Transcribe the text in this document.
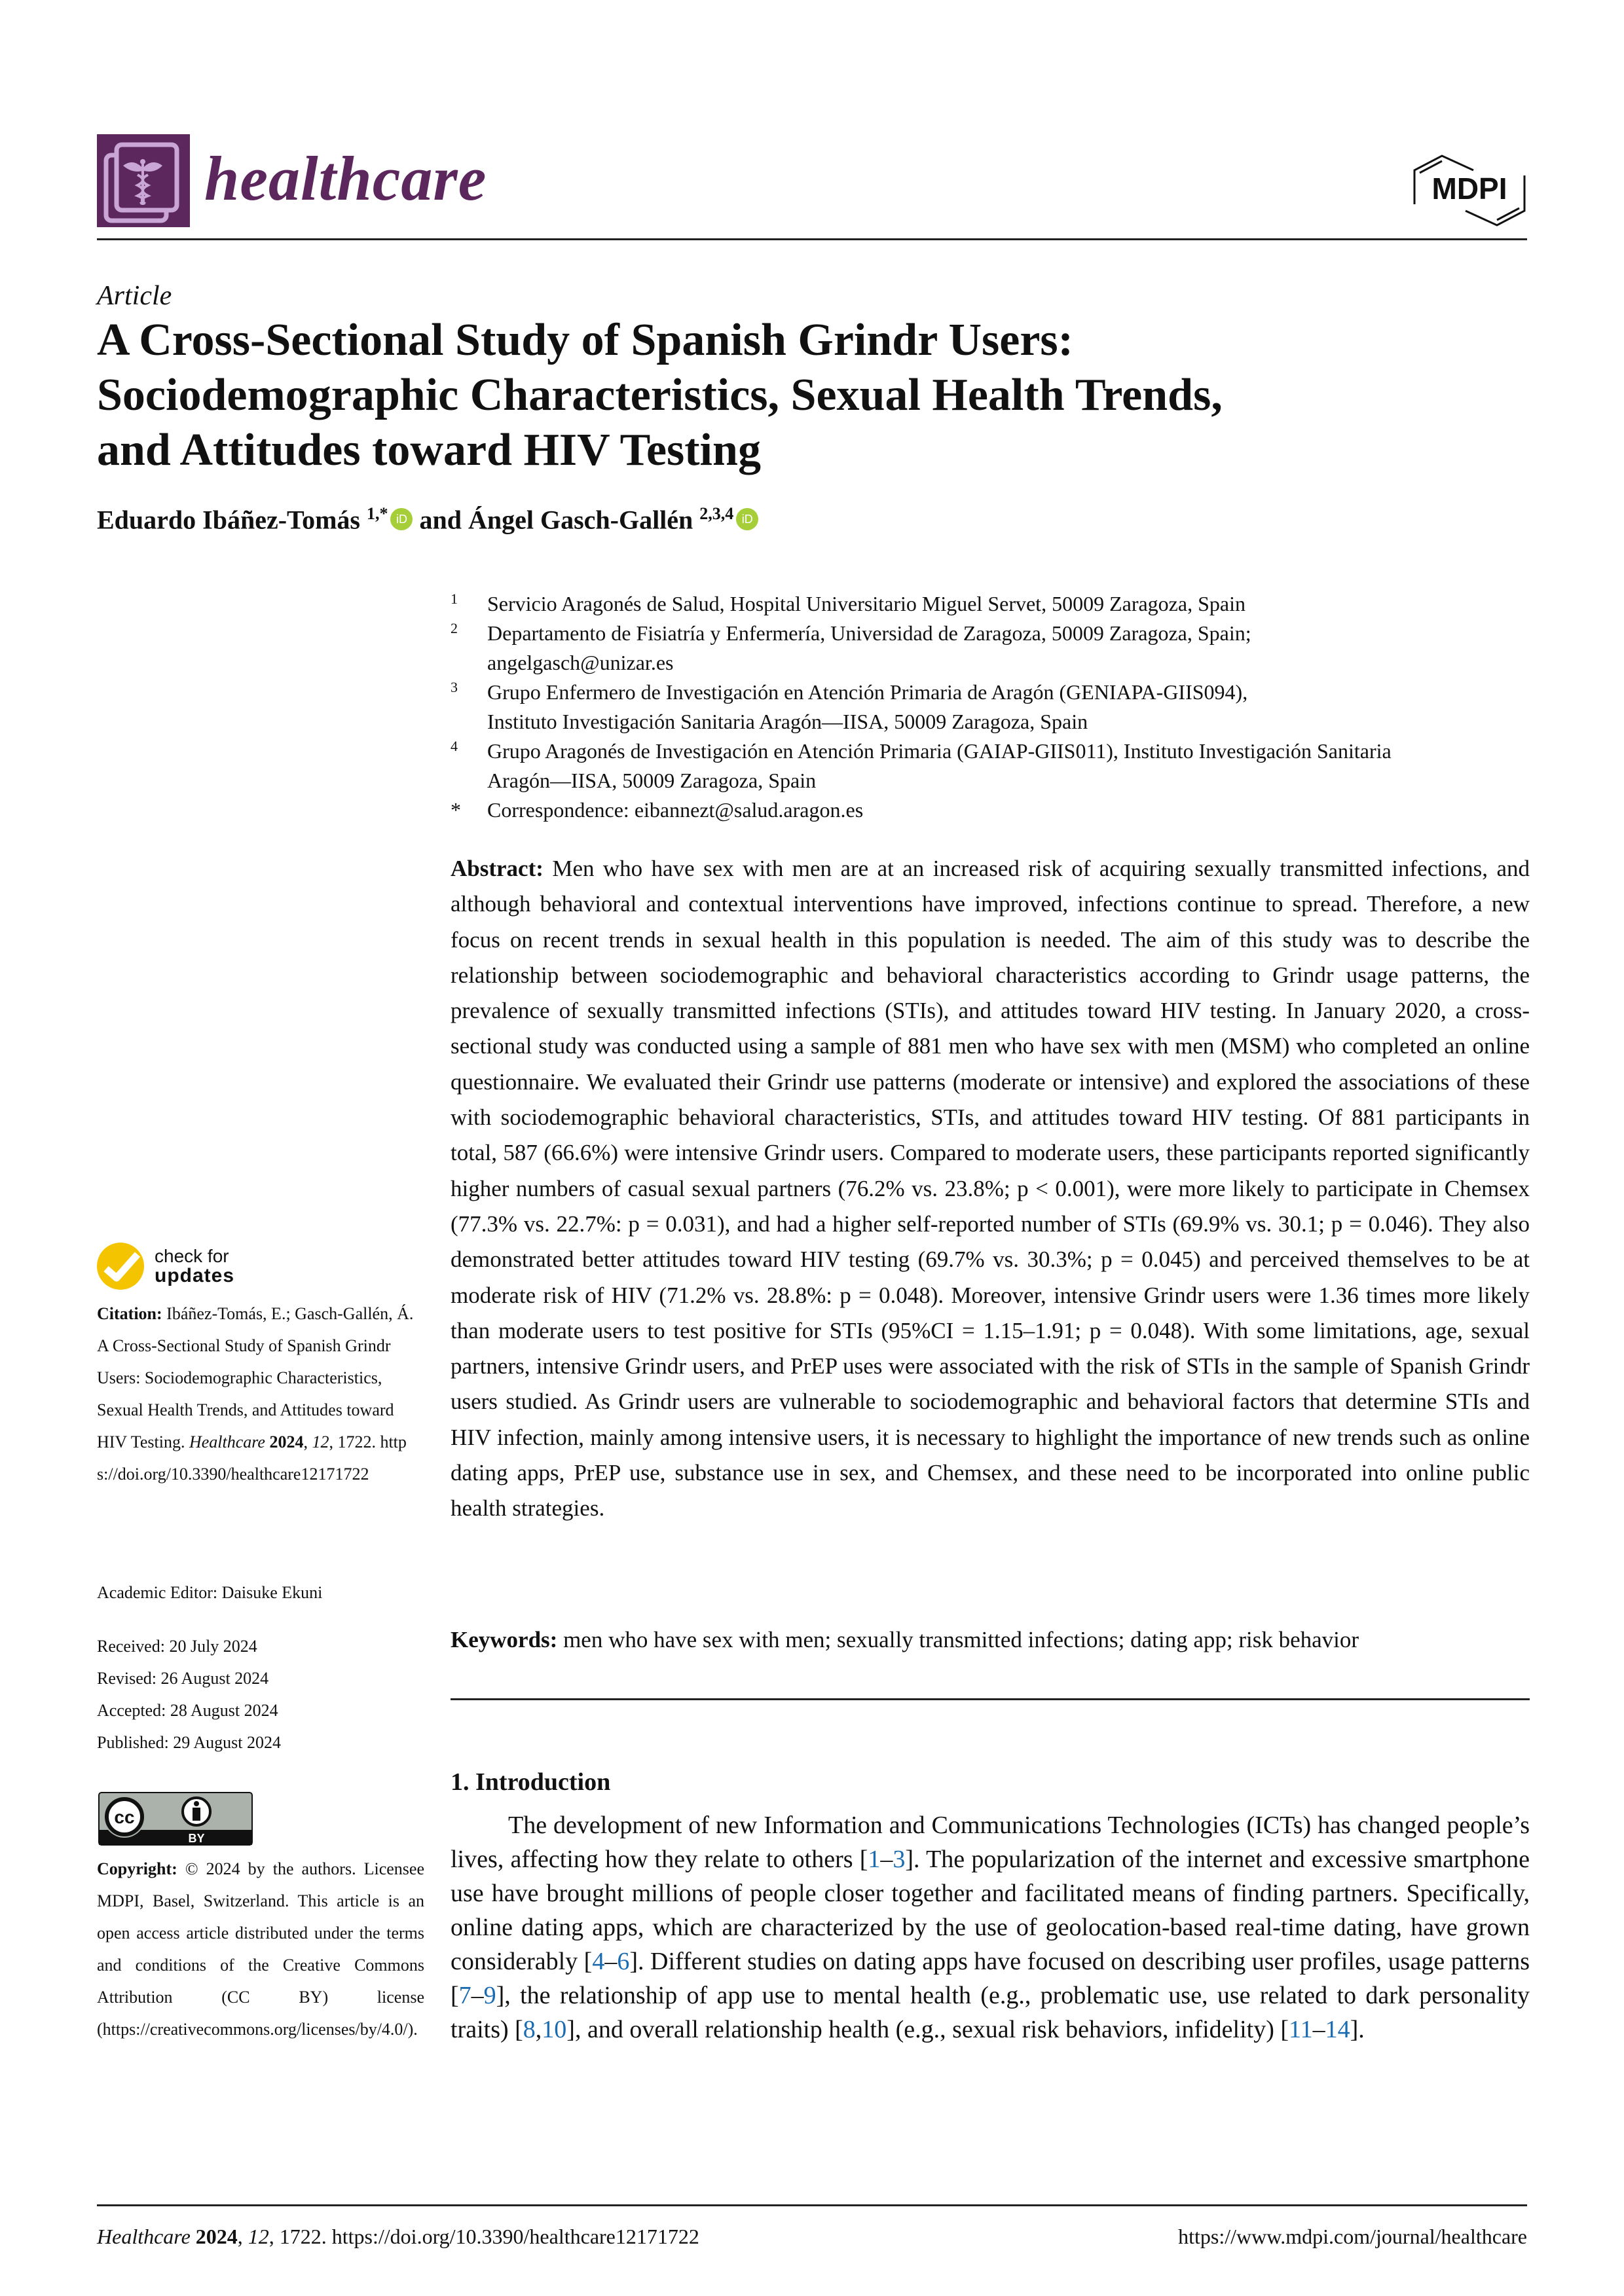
healthcare	MDPI
Article
A Cross-Sectional Study of Spanish Grindr Users:
Sociodemographic Characteristics, Sexual Health Trends,
and Attitudes toward HIV Testing
Eduardo Ibáñez-Tomás $^{1,*}$ iD and Ángel Gasch-Gallén $^{2,3,4}$ iD
1	Servicio Aragonés de Salud, Hospital Universitario Miguel Servet, 50009 Zaragoza, Spain
2	Departamento de Fisiatría y Enfermería, Universidad de Zaragoza, 50009 Zaragoza, Spain;
angelgasch@unizar.es
3	Grupo Enfermero de Investigación en Atención Primaria de Aragón (GENIAPA-GIIS094),
Instituto Investigación Sanitaria Aragón—IISA, 50009 Zaragoza, Spain
4	Grupo Aragonés de Investigación en Atención Primaria (GAIAP-GIIS011), Instituto Investigación Sanitaria
Aragón—IISA, 50009 Zaragoza, Spain
*	Correspondence: eibannezt@salud.aragon.es
Abstract: Men who have sex with men are at an increased risk of acquiring sexually transmitted infections, and although behavioral and contextual interventions have improved, infections continue to spread. Therefore, a new focus on recent trends in sexual health in this population is needed. The aim of this study was to describe the relationship between sociodemographic and behavioral characteristics according to Grindr usage patterns, the prevalence of sexually transmitted infections (STIs), and attitudes toward HIV testing. In January 2020, a cross-sectional study was conducted using a sample of 881 men who have sex with men (MSM) who completed an online questionnaire. We evaluated their Grindr use patterns (moderate or intensive) and explored the associations of these with sociodemographic behavioral characteristics, STIs, and attitudes toward HIV testing. Of 881 participants in total, 587 (66.6%) were intensive Grindr users. Compared to moderate users, these participants reported significantly higher numbers of casual sexual partners (76.2% vs. 23.8%; p < 0.001), were more likely to participate in Chemsex (77.3% vs. 22.7%: p = 0.031), and had a higher self-reported number of STIs (69.9% vs. 30.1; p = 0.046). They also demonstrated better attitudes toward HIV testing (69.7% vs. 30.3%; p = 0.045) and perceived themselves to be at moderate risk of HIV (71.2% vs. 28.8%: p = 0.048). Moreover, intensive Grindr users were 1.36 times more likely than moderate users to test positive for STIs (95%CI = 1.15–1.91; p = 0.048). With some limitations, age, sexual partners, intensive Grindr users, and PrEP uses were associated with the risk of STIs in the sample of Spanish Grindr users studied. As Grindr users are vulnerable to sociodemographic and behavioral factors that determine STIs and HIV infection, mainly among intensive users, it is necessary to highlight the importance of new trends such as online dating apps, PrEP use, substance use in sex, and Chemsex, and these need to be incorporated into online public health strategies.
Keywords: men who have sex with men; sexually transmitted infections; dating app; risk behavior

check for
updates
Citation: Ibáñez-Tomás, E.; Gasch-Gallén, Á. A Cross-Sectional Study of Spanish Grindr Users: Sociodemographic Characteristics, Sexual Health Trends, and Attitudes toward HIV Testing. Healthcare 2024, 12, 1722. https://doi.org/10.3390/healthcare12171722
Academic Editor: Daisuke Ekuni
Received: 20 July 2024
Revised: 26 August 2024
Accepted: 28 August 2024
Published: 29 August 2024
cc
BY
Copyright: © 2024 by the authors. Licensee MDPI, Basel, Switzerland. This article is an open access article distributed under the terms and conditions of the Creative Commons Attribution (CC BY) license (https://creativecommons.org/licenses/by/4.0/).
1. Introduction
The development of new Information and Communications Technologies (ICTs) has changed people’s lives, affecting how they relate to others [1–3]. The popularization of the internet and excessive smartphone use have brought millions of people closer together and facilitated means of finding partners. Specifically, online dating apps, which are characterized by the use of geolocation-based real-time dating, have grown considerably [4–6]. Different studies on dating apps have focused on describing user profiles, usage patterns [7–9], the relationship of app use to mental health (e.g., problematic use, use related to dark personality traits) [8,10], and overall relationship health (e.g., sexual risk behaviors, infidelity) [11–14].
Healthcare 2024, 12, 1722. https://doi.org/10.3390/healthcare12171722	https://www.mdpi.com/journal/healthcare
